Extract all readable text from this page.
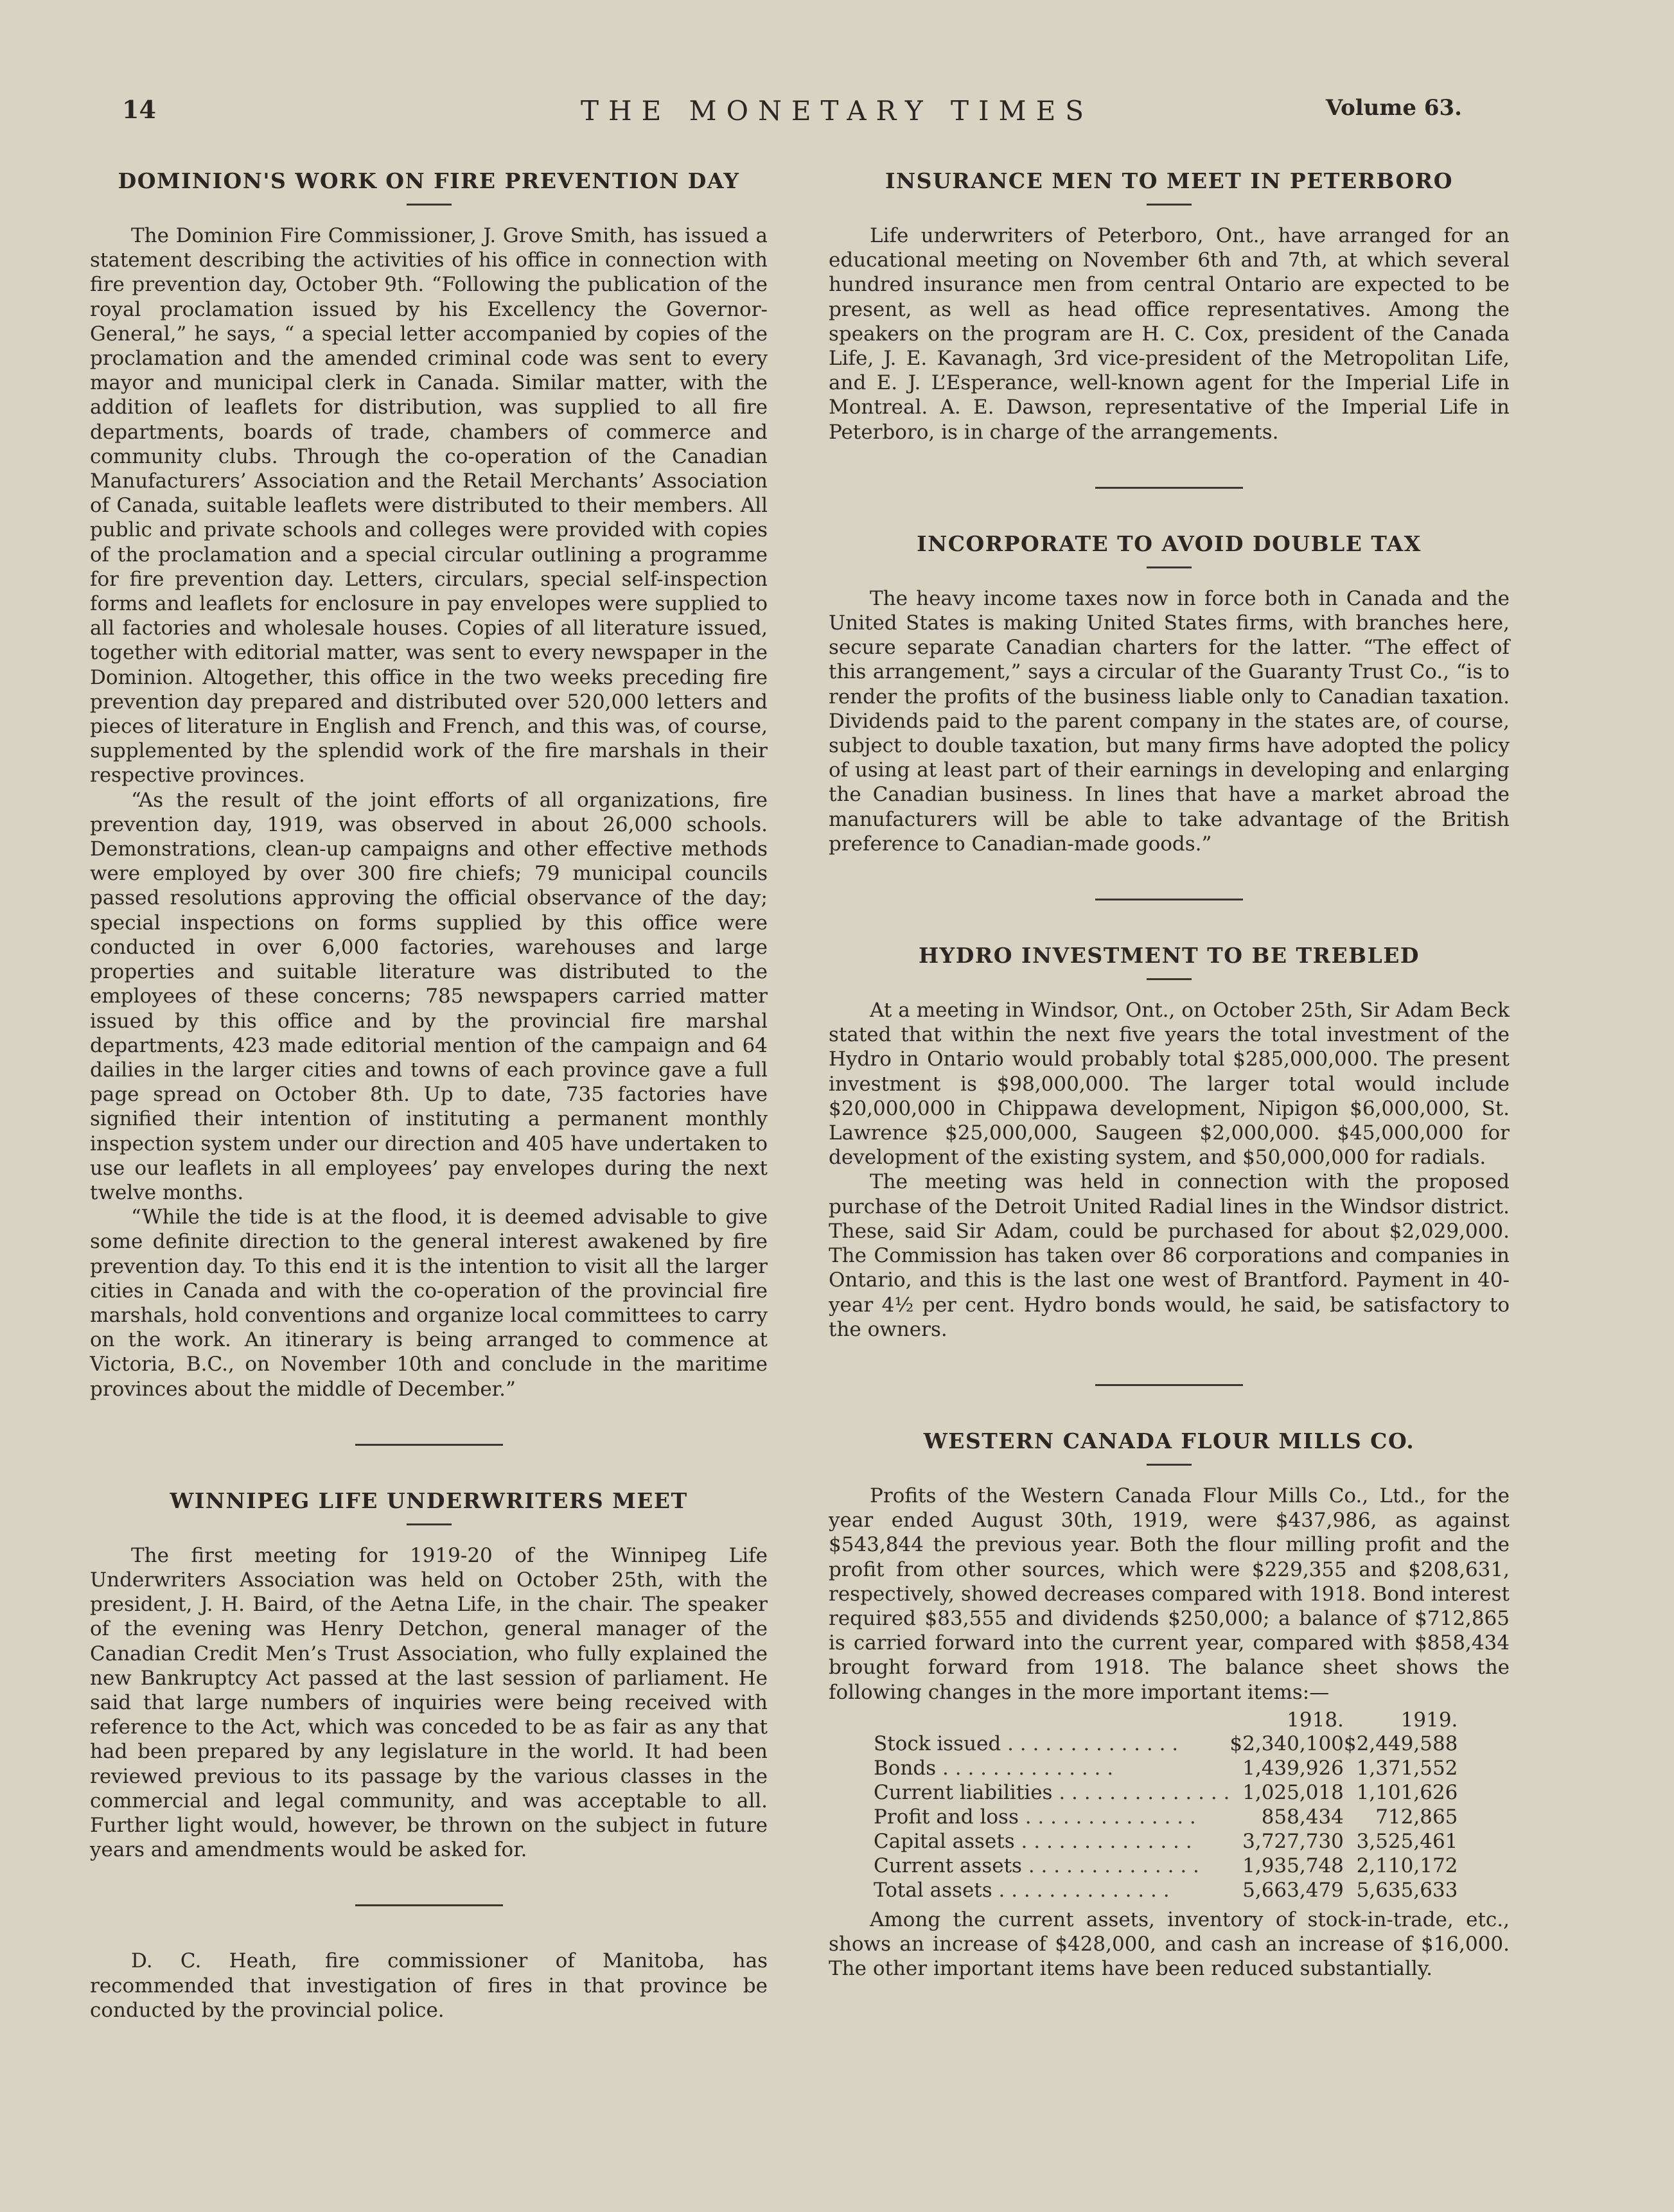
14	THE MONETARY TIMES	Volume 63.
DOMINION'S WORK ON FIRE PREVENTION DAY

The Dominion Fire Commissioner, J. Grove Smith, has issued a statement describing the activities of his office in connection with fire prevention day, October 9th. “Following the publication of the royal proclamation issued by his Excellency the Governor-General,” he says, “ a special letter accompanied by copies of the proclamation and the amended criminal code was sent to every mayor and municipal clerk in Canada. Similar matter, with the addition of leaflets for distribution, was supplied to all fire departments, boards of trade, chambers of commerce and community clubs. Through the co-operation of the Canadian Manufacturers’ Association and the Retail Merchants’ Association of Canada, suitable leaflets were distributed to their members. All public and private schools and colleges were provided with copies of the proclamation and a special circular outlining a programme for fire prevention day. Letters, circulars, special self-inspection forms and leaflets for enclosure in pay envelopes were supplied to all factories and wholesale houses. Copies of all literature issued, together with editorial matter, was sent to every newspaper in the Dominion. Altogether, this office in the two weeks preceding fire prevention day prepared and distributed over 520,000 letters and pieces of literature in English and French, and this was, of course, supplemented by the splendid work of the fire marshals in their respective provinces.

“As the result of the joint efforts of all organizations, fire prevention day, 1919, was observed in about 26,000 schools. Demonstrations, clean-up campaigns and other effective methods were employed by over 300 fire chiefs; 79 municipal councils passed resolutions approving the official observance of the day; special inspections on forms supplied by this office were conducted in over 6,000 factories, warehouses and large properties and suitable literature was distributed to the employees of these concerns; 785 newspapers carried matter issued by this office and by the provincial fire marshal departments, 423 made editorial mention of the campaign and 64 dailies in the larger cities and towns of each province gave a full page spread on October 8th. Up to date, 735 factories have signified their intention of instituting a permanent monthly inspection system under our direction and 405 have undertaken to use our leaflets in all employees’ pay envelopes during the next twelve months.

“While the tide is at the flood, it is deemed advisable to give some definite direction to the general interest awakened by fire prevention day. To this end it is the intention to visit all the larger cities in Canada and with the co-operation of the provincial fire marshals, hold conventions and organize local committees to carry on the work. An itinerary is being arranged to commence at Victoria, B.C., on November 10th and conclude in the maritime provinces about the middle of December.”

WINNIPEG LIFE UNDERWRITERS MEET

The first meeting for 1919-20 of the Winnipeg Life Underwriters Association was held on October 25th, with the president, J. H. Baird, of the Aetna Life, in the chair. The speaker of the evening was Henry Detchon, general manager of the Canadian Credit Men’s Trust Association, who fully explained the new Bankruptcy Act passed at the last session of parliament. He said that large numbers of inquiries were being received with reference to the Act, which was conceded to be as fair as any that had been prepared by any legislature in the world. It had been reviewed previous to its passage by the various classes in the commercial and legal community, and was acceptable to all. Further light would, however, be thrown on the subject in future years and amendments would be asked for.

D. C. Heath, fire commissioner of Manitoba, has recommended that investigation of fires in that province be conducted by the provincial police.

INSURANCE MEN TO MEET IN PETERBORO

Life underwriters of Peterboro, Ont., have arranged for an educational meeting on November 6th and 7th, at which several hundred insurance men from central Ontario are expected to be present, as well as head office representatives. Among the speakers on the program are H. C. Cox, president of the Canada Life, J. E. Kavanagh, 3rd vice-president of the Metropolitan Life, and E. J. L’Esperance, well-known agent for the Imperial Life in Montreal. A. E. Dawson, representative of the Imperial Life in Peterboro, is in charge of the arrangements.

INCORPORATE TO AVOID DOUBLE TAX

The heavy income taxes now in force both in Canada and the United States is making United States firms, with branches here, secure separate Canadian charters for the latter. “The effect of this arrangement,” says a circular of the Guaranty Trust Co., “is to render the profits of the business liable only to Canadian taxation. Dividends paid to the parent company in the states are, of course, subject to double taxation, but many firms have adopted the policy of using at least part of their earnings in developing and enlarging the Canadian business. In lines that have a market abroad the manufacturers will be able to take advantage of the British preference to Canadian-made goods.”

HYDRO INVESTMENT TO BE TREBLED

At a meeting in Windsor, Ont., on October 25th, Sir Adam Beck stated that within the next five years the total investment of the Hydro in Ontario would probably total $285,000,000. The present investment is $98,000,000. The larger total would include $20,000,000 in Chippawa development, Nipigon $6,000,000, St. Lawrence $25,000,000, Saugeen $2,000,000. $45,000,000 for development of the existing system, and $50,000,000 for radials.

The meeting was held in connection with the proposed purchase of the Detroit United Radial lines in the Windsor district. These, said Sir Adam, could be purchased for about $2,029,000. The Commission has taken over 86 corporations and companies in Ontario, and this is the last one west of Brantford. Payment in 40-year 4½ per cent. Hydro bonds would, he said, be satisfactory to the owners.

WESTERN CANADA FLOUR MILLS CO.

Profits of the Western Canada Flour Mills Co., Ltd., for the year ended August 30th, 1919, were $437,986, as against $543,844 the previous year. Both the flour milling profit and the profit from other sources, which were $229,355 and $208,631, respectively, showed decreases compared with 1918. Bond interest required $83,555 and dividends $250,000; a balance of $712,865 is carried forward into the current year, compared with $858,434 brought forward from 1918. The balance sheet shows the following changes in the more important items:—

	1918.	1919.
Stock issued . . . . . . . . . . . . . .	$2,340,100	$2,449,588
Bonds . . . . . . . . . . . . . .	1,439,926	1,371,552
Current liabilities . . . . . . . . . . . . . .	1,025,018	1,101,626
Profit and loss . . . . . . . . . . . . . .	858,434	712,865
Capital assets . . . . . . . . . . . . . .	3,727,730	3,525,461
Current assets . . . . . . . . . . . . . .	1,935,748	2,110,172
Total assets . . . . . . . . . . . . . .	5,663,479	5,635,633

Among the current assets, inventory of stock-in-trade, etc., shows an increase of $428,000, and cash an increase of $16,000. The other important items have been reduced substantially.
